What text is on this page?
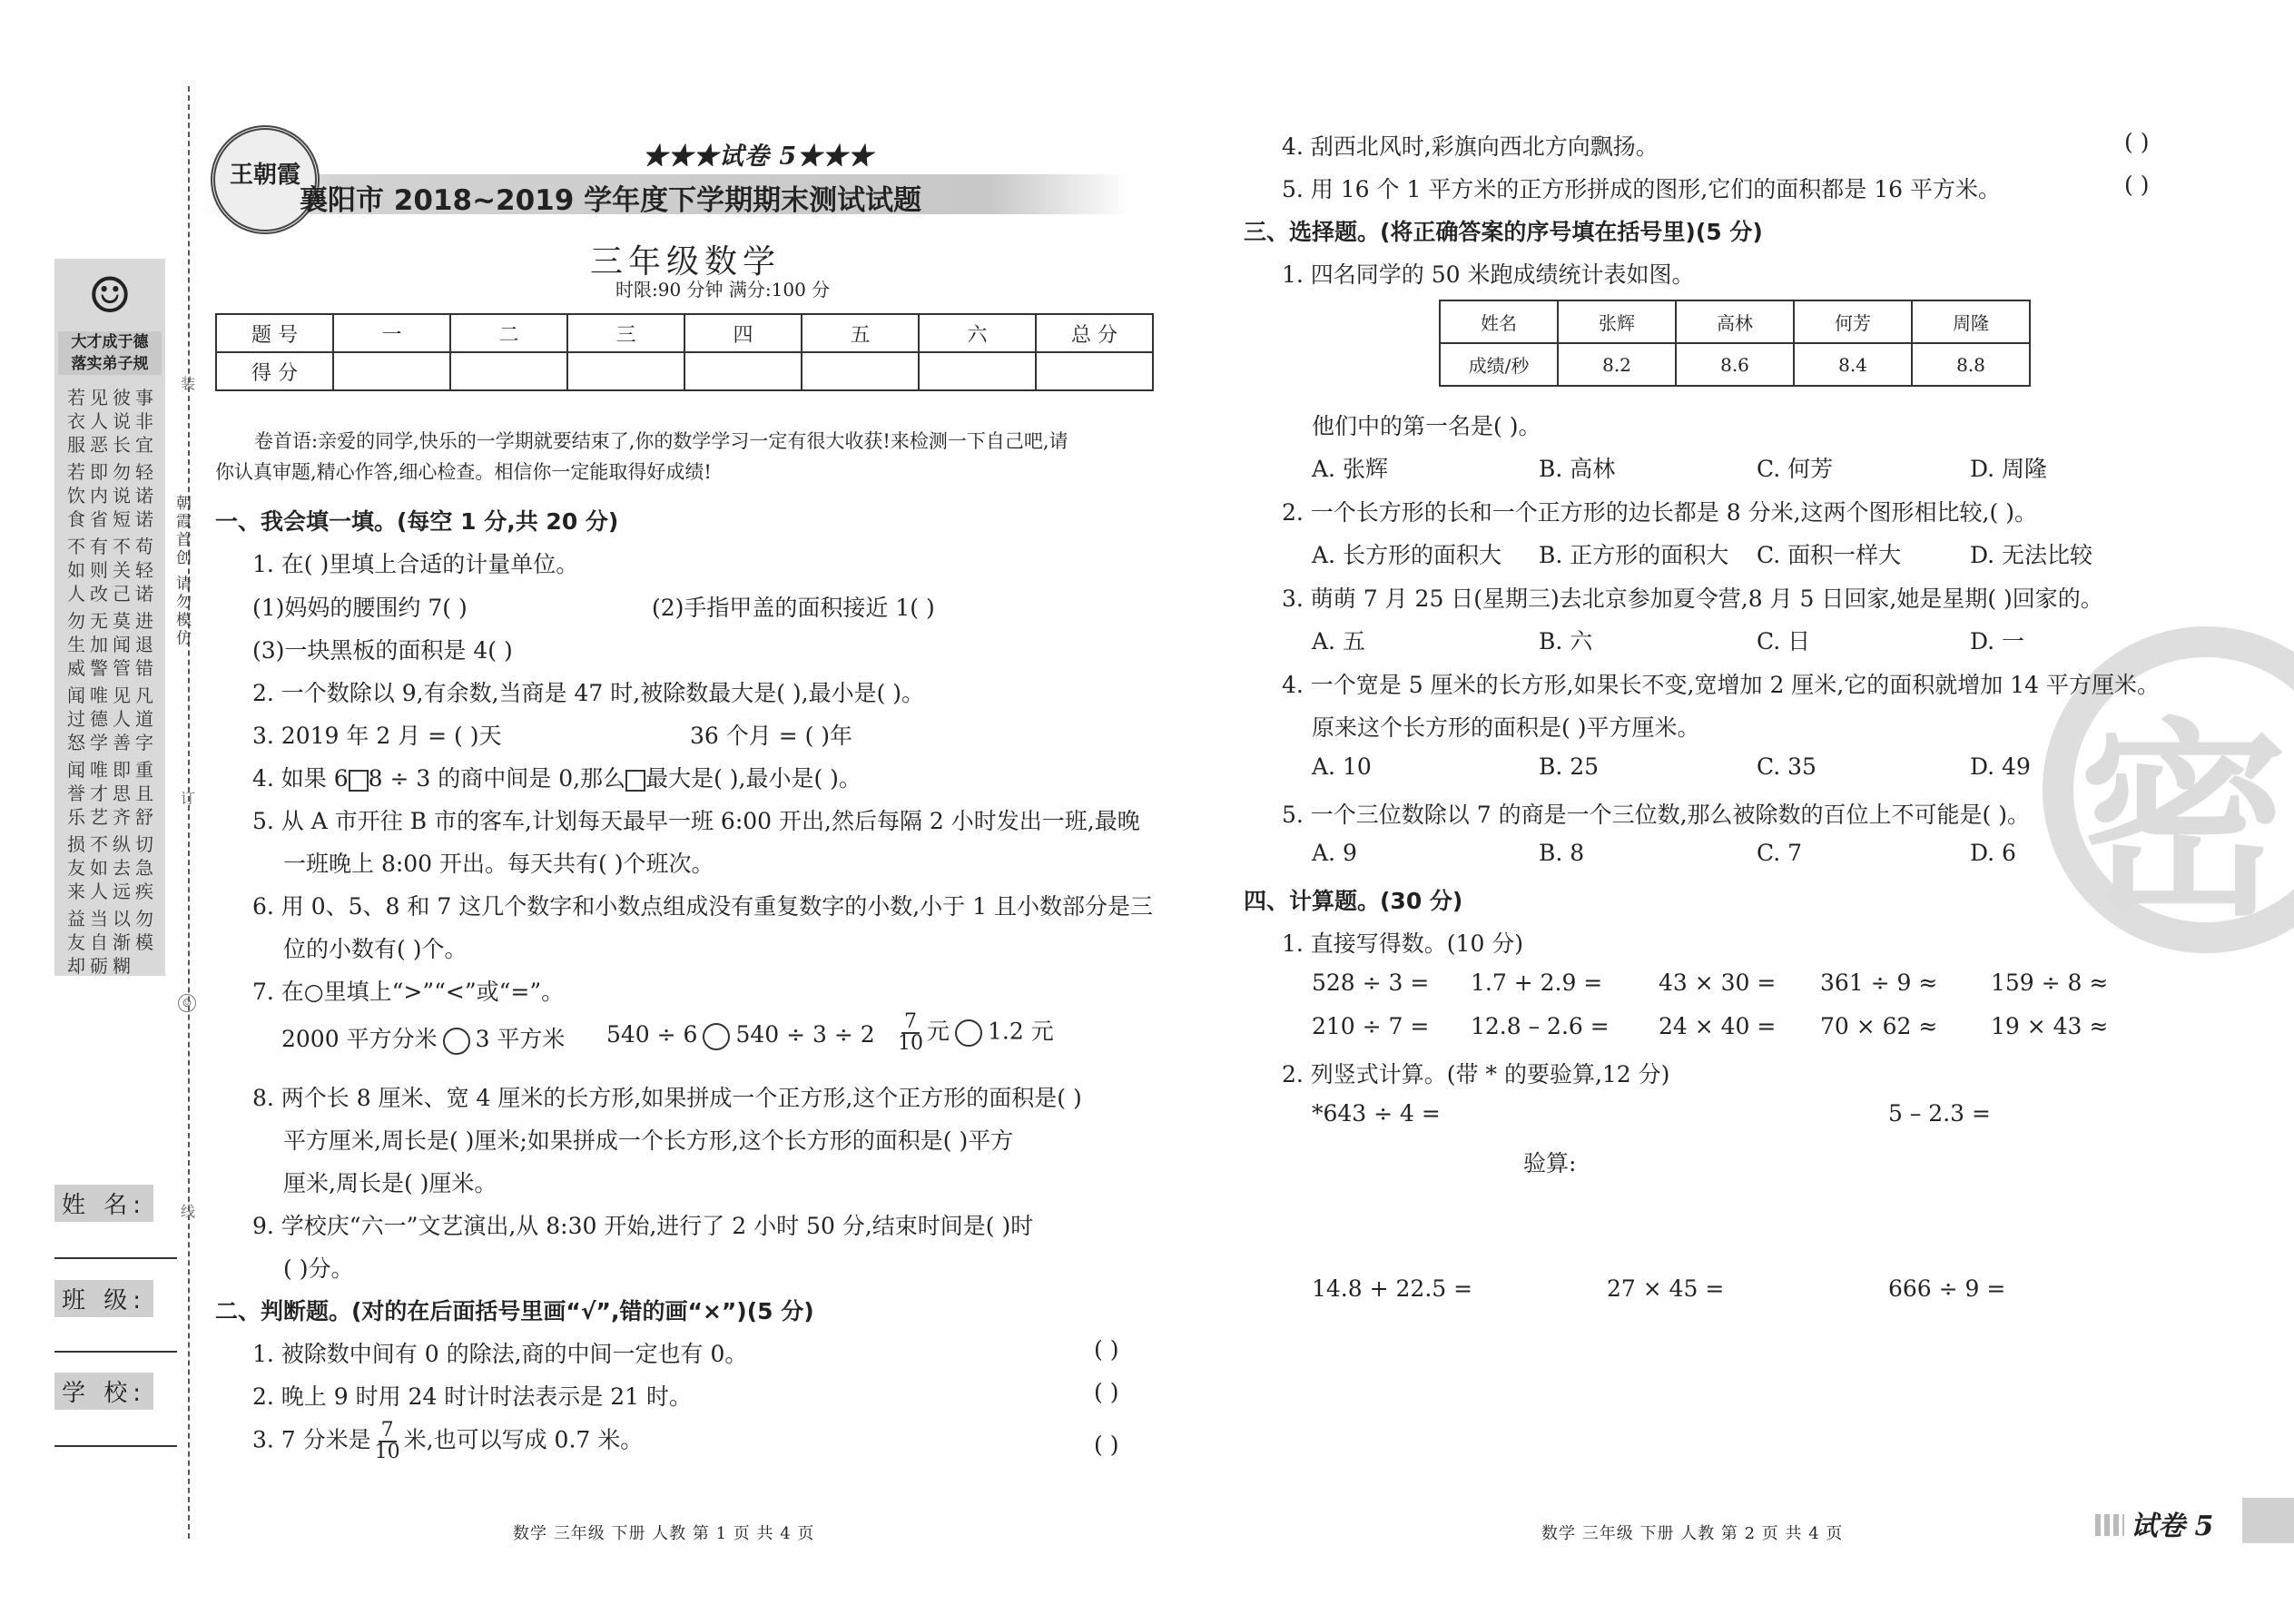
装
订
线
☺
朝霞首创 请勿模仿
☺
大才成于德
落实弟子规
若见彼事
衣人说非
服恶长宜
若即勿轻
饮内说诺
食省短诺
不有不苟
如则关轻
人改己诺
勿无莫进
生加闻退
威警管错
闻唯见凡
过德人道
怒学善字
闻唯即重
誉才思且
乐艺齐舒
损不纵切
友如去急
来人远疾
益当以勿
友自渐模
却砺糊
姓 名:
班 级:
学 校:
王朝霞
★★★试卷 5★★★
襄阳市 2018~2019 学年度下学期期末测试试题
三年级数学
时限:90 分钟 满分:100 分
题 号	一	二	三	四	五	六	总 分
得 分							
卷首语:亲爱的同学,快乐的一学期就要结束了,你的数学学习一定有很大收获!来检测一下自己吧,请
你认真审题,精心作答,细心检查。相信你一定能取得好成绩!
一、我会填一填。(每空 1 分,共 20 分)
1. 在( )里填上合适的计量单位。
(1)妈妈的腰围约 7( )	(2)手指甲盖的面积接近 1( )
(3)一块黑板的面积是 4( )
2. 一个数除以 9,有余数,当商是 47 时,被除数最大是( ),最小是( )。
3. 2019 年 2 月 = ( )天	36 个月 = ( )年
4. 如果 6 8 ÷ 3 的商中间是 0,那么 最大是( ),最小是( )。
5. 从 A 市开往 B 市的客车,计划每天最早一班 6:00 开出,然后每隔 2 小时发出一班,最晚
一班晚上 8:00 开出。每天共有( )个班次。
6. 用 0、5、8 和 7 这几个数字和小数点组成没有重复数字的小数,小于 1 且小数部分是三
位的小数有( )个。
7. 在○里填上“>”“<”或“=”。
2000 平方分米 3 平方米 540 ÷ 6 $540 \div 3 \div 2 \frac{7}{10}$ 元 1.2 元
8. 两个长 8 厘米、宽 4 厘米的长方形,如果拼成一个正方形,这个正方形的面积是( )
平方厘米,周长是( )厘米;如果拼成一个长方形,这个长方形的面积是( )平方
厘米,周长是( )厘米。
9. 学校庆“六一”文艺演出,从 8:30 开始,进行了 2 小时 50 分,结束时间是( )时
( )分。
二、判断题。(对的在后面括号里画“√”,错的画“×”)(5 分)
1. 被除数中间有 0 的除法,商的中间一定也有 0。	( )
2. 晚上 9 时用 24 时计时法表示是 21 时。	( )
3. 7 分米是 $\frac{7}{10}$ 米,也可以写成 0.7 米。	( )
数学 三年级 下册 人教 第 1 页 共 4 页
4. 刮西北风时,彩旗向西北方向飘扬。	( )
5. 用 16 个 1 平方米的正方形拼成的图形,它们的面积都是 16 平方米。	( )
三、选择题。(将正确答案的序号填在括号里)(5 分)
1. 四名同学的 50 米跑成绩统计表如图。
姓名	张辉	高林	何芳	周隆
成绩/秒	8.2	8.6	8.4	8.8
他们中的第一名是( )。
A. 张辉	B. 高林	C. 何芳	D. 周隆
2. 一个长方形的长和一个正方形的边长都是 8 分米,这两个图形相比较,( )。
A. 长方形的面积大 B. 正方形的面积大 C. 面积一样大	D. 无法比较
3. 萌萌 7 月 25 日(星期三)去北京参加夏令营,8 月 5 日回家,她是星期( )回家的。
A. 五	B. 六	C. 日	D. 一
密
4. 一个宽是 5 厘米的长方形,如果长不变,宽增加 2 厘米,它的面积就增加 14 平方厘米。
原来这个长方形的面积是( )平方厘米。
A. 10	B. 25	C. 35	D. 49
5. 一个三位数除以 7 的商是一个三位数,那么被除数的百位上不可能是( )。
A. 9	B. 8	C. 7	D. 6
四、计算题。(30 分)
1. 直接写得数。(10 分)
528 ÷ 3 = 1.7 + 2.9 = 43 × 30 = 361 ÷ 9 ≈ 159 ÷ 8 ≈
210 ÷ 7 = 12.8 – 2.6 = 24 × 40 = 70 × 62 ≈ 19 × 43 ≈
2. 列竖式计算。(带 * 的要验算,12 分)
*643 ÷ 4 =	5 – 2.3 =
验算:
14.8 + 22.5 =	27 × 45 =	666 ÷ 9 =
数学 三年级 下册 人教 第 2 页 共 4 页	试卷 5
